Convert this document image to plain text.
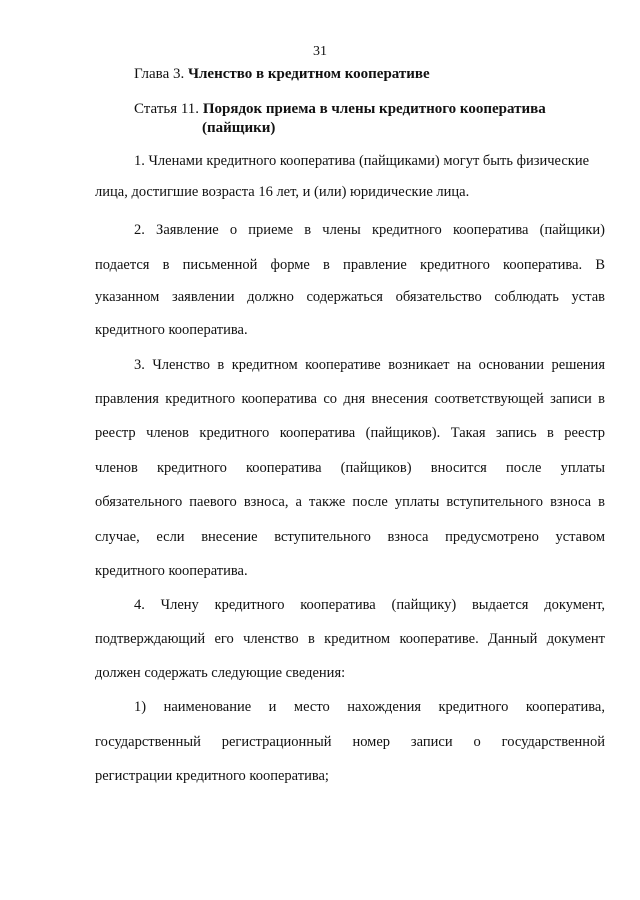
31
Глава 3. Членство в кредитном кооперативе
Статья 11. Порядок приема в члены кредитного кооператива
(пайщики)
1. Членами кредитного кооператива (пайщиками) могут быть физические
лица, достигшие возраста 16 лет, и (или) юридические лица.
2. Заявление о приеме в члены кредитного кооператива (пайщики)
подается в письменной форме в правление кредитного кооператива. В
указанном заявлении должно содержаться обязательство соблюдать устав
кредитного кооператива.
3. Членство в кредитном кооперативе возникает на основании решения
правления кредитного кооператива со дня внесения соответствующей записи в
реестр членов кредитного кооператива (пайщиков). Такая запись в реестр
членов кредитного кооператива (пайщиков) вносится после уплаты
обязательного паевого взноса, а также после уплаты вступительного взноса в
случае, если внесение вступительного взноса предусмотрено уставом
кредитного кооператива.
4. Члену кредитного кооператива (пайщику) выдается документ,
подтверждающий его членство в кредитном кооперативе. Данный документ
должен содержать следующие сведения:
1) наименование и место нахождения кредитного кооператива,
государственный регистрационный номер записи о государственной
регистрации кредитного кооператива;
